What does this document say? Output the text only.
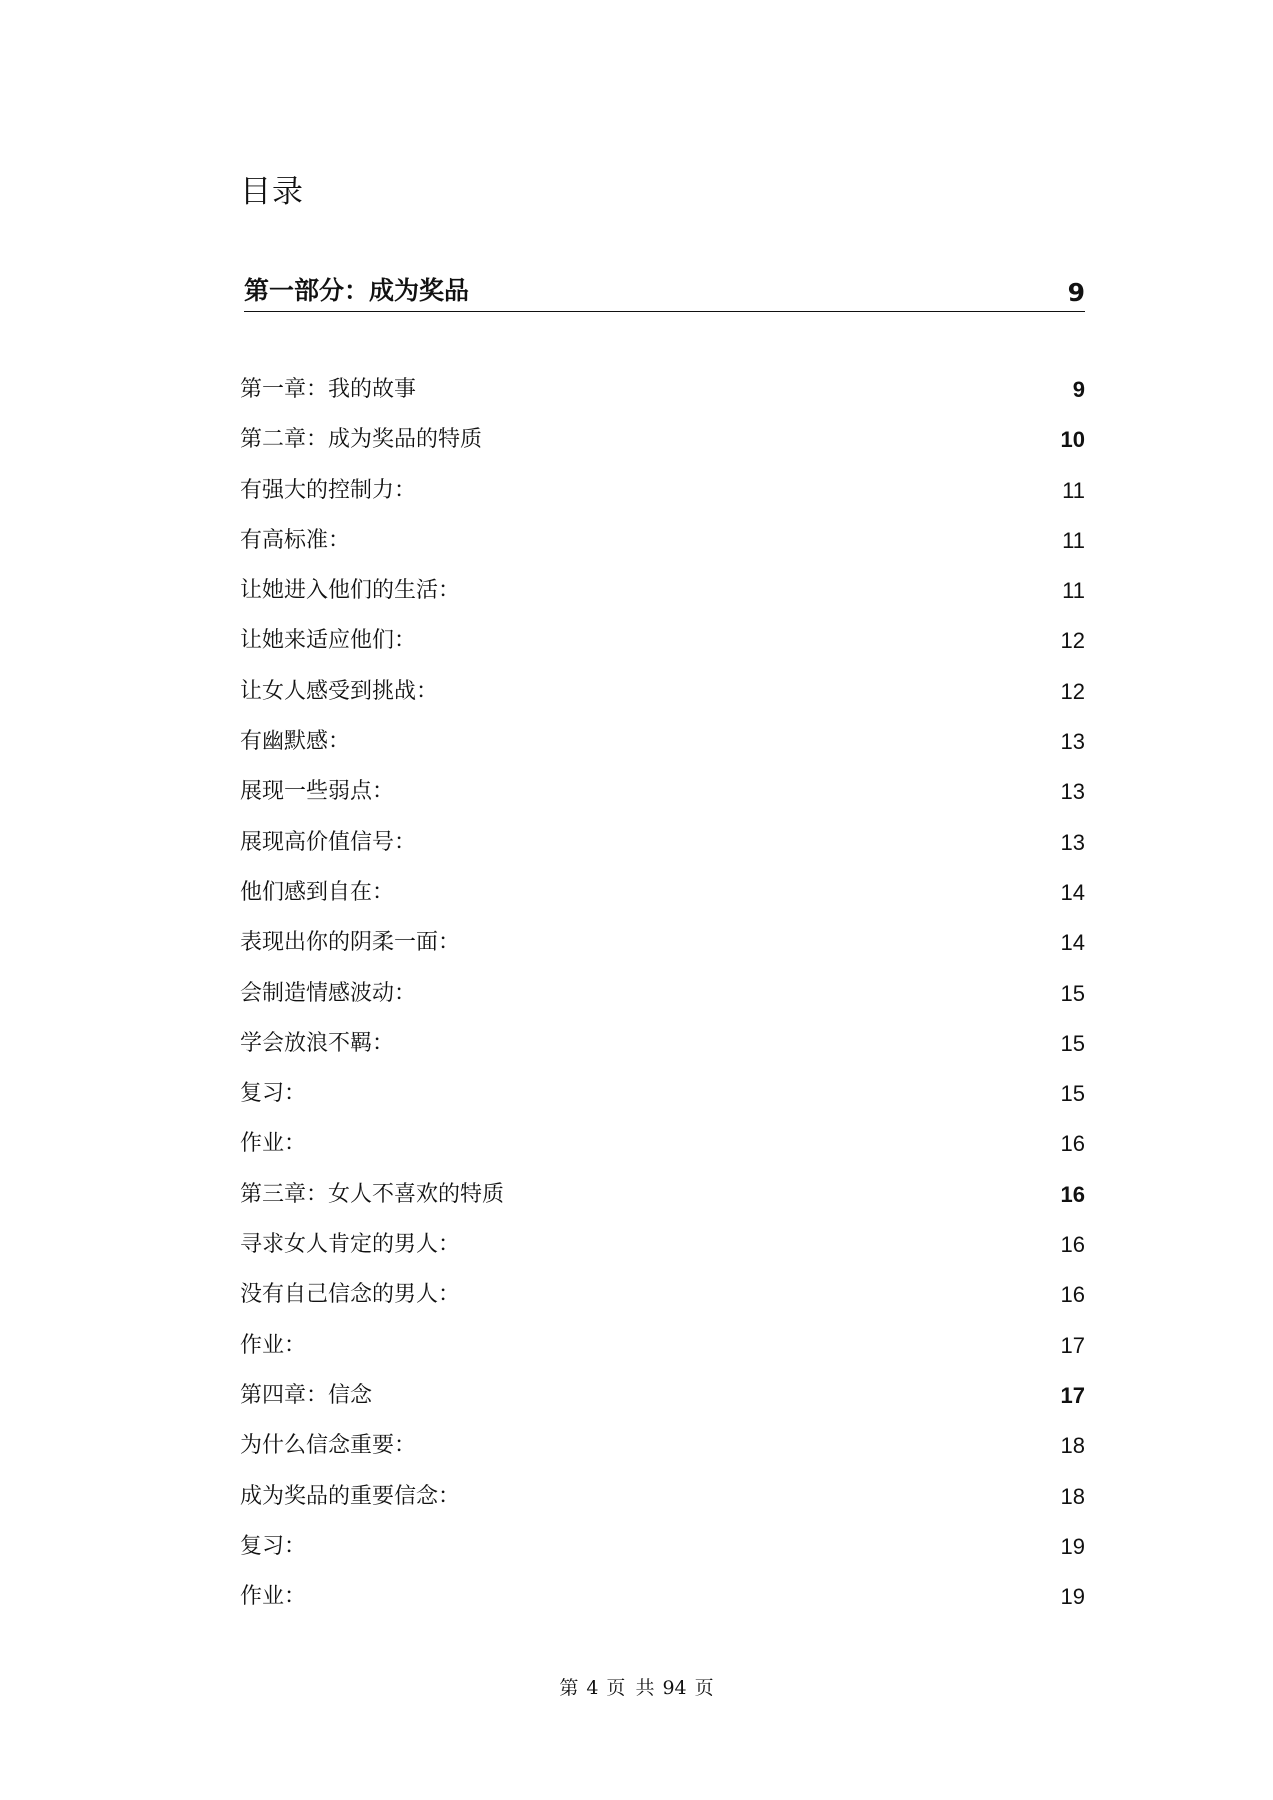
目录
第一部分：成为奖品	9
第一章：我的故事	9
第二章：成为奖品的特质	10
有强大的控制力：	11
有高标准：	11
让她进入他们的生活：	11
让她来适应他们：	12
让女人感受到挑战：	12
有幽默感：	13
展现一些弱点：	13
展现高价值信号：	13
他们感到自在：	14
表现出你的阴柔一面：	14
会制造情感波动：	15
学会放浪不羁：	15
复习：	15
作业：	16
第三章：女人不喜欢的特质	16
寻求女人肯定的男人：	16
没有自己信念的男人：	16
作业：	17
第四章：信念	17
为什么信念重要：	18
成为奖品的重要信念：	18
复习：	19
作业：	19
第 4 页 共 94 页
